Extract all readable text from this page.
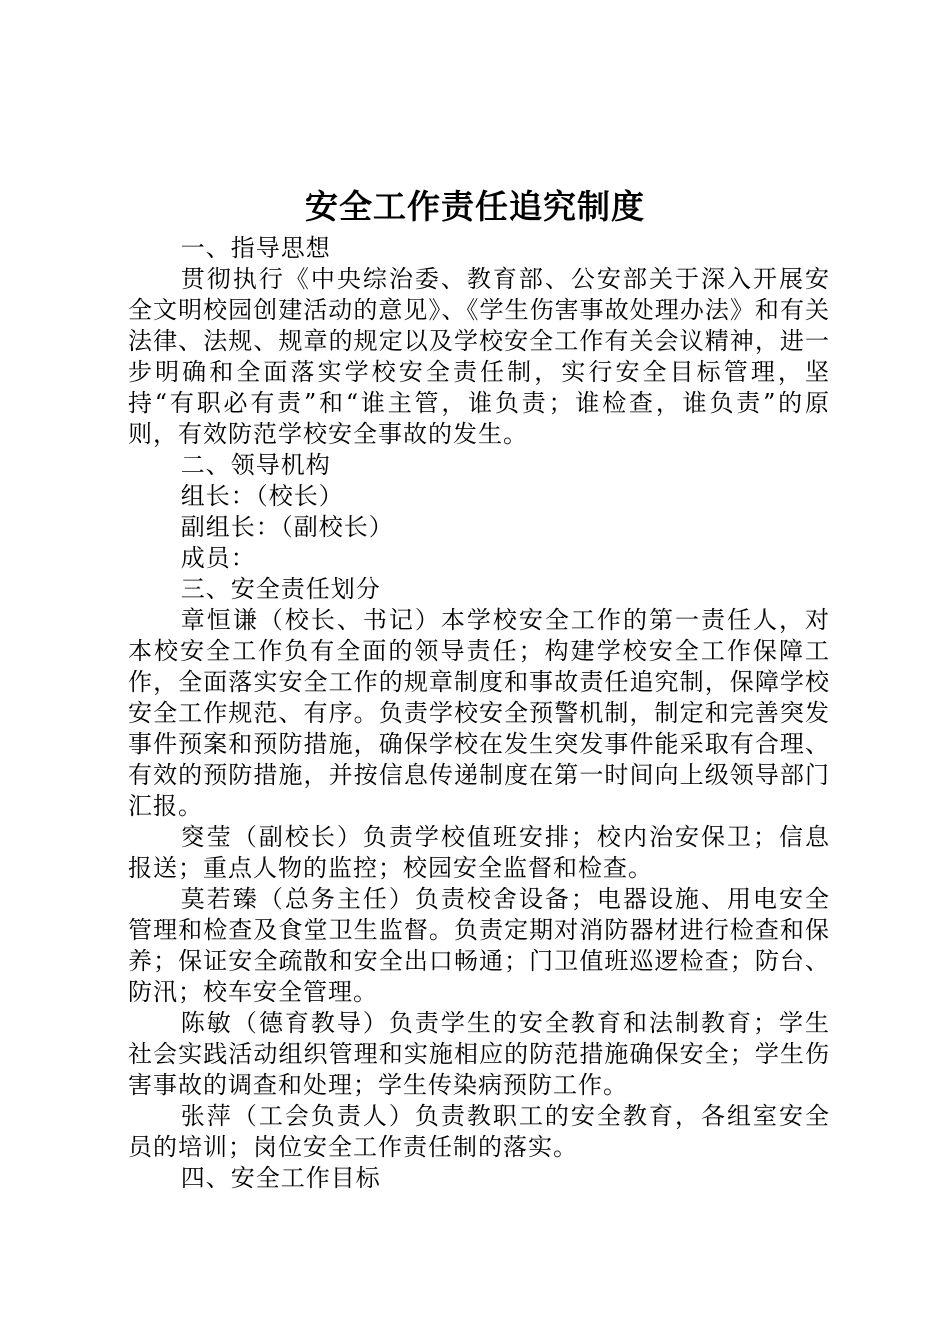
安全工作责任追究制度

一、指导思想

贯彻执行《中央综治委、教育部、公安部关于深入开展安全文明校园创建活动的意见》、《学生伤害事故处理办法》和有关法律、法规、规章的规定以及学校安全工作有关会议精神，进一步明确和全面落实学校安全责任制，实行安全目标管理，坚持“有职必有责”和“谁主管，谁负责；谁检查，谁负责”的原则，有效防范学校安全事故的发生。

二、领导机构

组长：（校长）

副组长：（副校长）

成员：

三、安全责任划分

章恒谦（校长、书记）本学校安全工作的第一责任人，对本校安全工作负有全面的领导责任；构建学校安全工作保障工作，全面落实安全工作的规章制度和事故责任追究制，保障学校安全工作规范、有序。负责学校安全预警机制，制定和完善突发事件预案和预防措施，确保学校在发生突发事件能采取有合理、有效的预防措施，并按信息传递制度在第一时间向上级领导部门汇报。

窔莹（副校长）负责学校值班安排；校内治安保卫；信息报送；重点人物的监控；校园安全监督和检查。

莫若臻（总务主任）负责校舍设备；电器设施、用电安全管理和检查及食堂卫生监督。负责定期对消防器材进行检查和保养；保证安全疏散和安全出口畅通；门卫值班巡逻检查；防台、防汛；校车安全管理。

陈敏（德育教导）负责学生的安全教育和法制教育；学生社会实践活动组织管理和实施相应的防范措施确保安全；学生伤害事故的调查和处理；学生传染病预防工作。

张萍（工会负责人）负责教职工的安全教育，各组室安全员的培训；岗位安全工作责任制的落实。

四、安全工作目标
